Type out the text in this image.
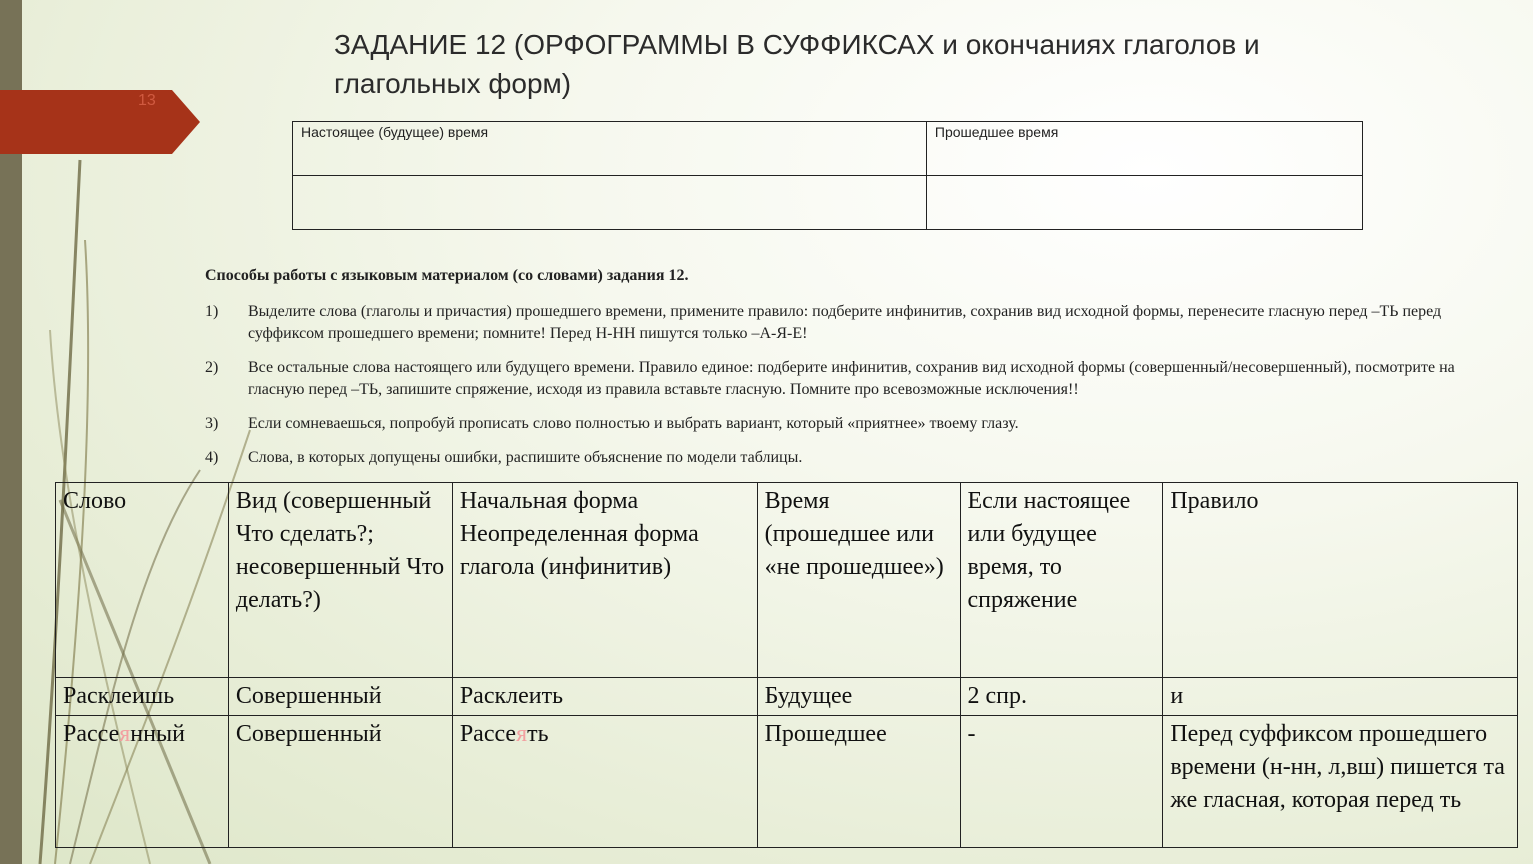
13
ЗАДАНИЕ 12 (ОРФОГРАММЫ В СУФФИКСАХ и окончаниях глаголов и глагольных форм)
Настоящее (будущее) время	Прошедшее время

Способы работы с языковым материалом (со словами) задания 12.
1) Выделите слова (глаголы и причастия) прошедшего времени, примените правило: подберите инфинитив, сохранив вид исходной формы, перенесите гласную перед –ТЬ перед суффиксом прошедшего времени; помните! Перед Н-НН пишутся только –А-Я-Е!
2) Все остальные слова настоящего или будущего времени. Правило единое: подберите инфинитив, сохранив вид исходной формы (совершенный/несовершенный), посмотрите на гласную перед –ТЬ, запишите спряжение, исходя из правила вставьте гласную. Помните про всевозможные исключения!!
3) Если сомневаешься, попробуй прописать слово полностью и выбрать вариант, который «приятнее» твоему глазу.
4) Слова, в которых допущены ошибки, распишите объяснение по модели таблицы.
Слово	Вид (совершенный Что сделать?; несовершенный Что делать?)	Начальная форма Неопределенная форма глагола (инфинитив)	Время (прошедшее или «не прошедшее»)	Если настоящее или будущее время, то спряжение	Правило
Расклеишь	Совершенный	Расклеить	Будущее	2 спр.	и
Рассеянный	Совершенный	Рассеять	Прошедшее	-	Перед суффиксом прошедшего времени (н-нн, л,вш) пишется та же гласная, которая перед ть
